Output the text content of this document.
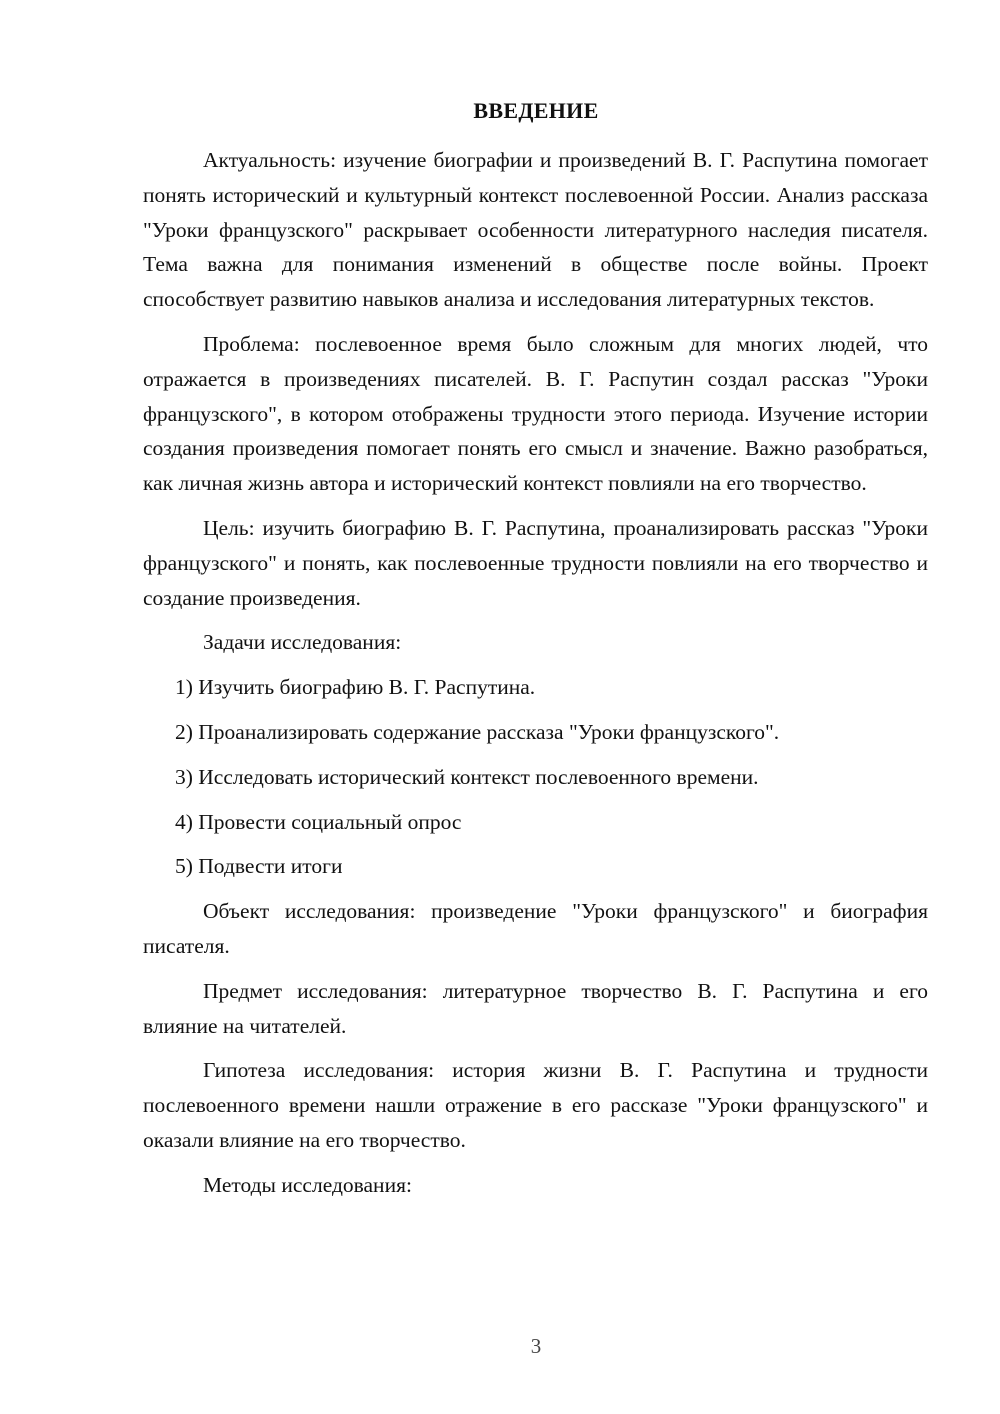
ВВЕДЕНИЕ

Актуальность: изучение биографии и произведений В. Г. Распутина помогает понять исторический и культурный контекст послевоенной России. Анализ рассказа "Уроки французского" раскрывает особенности литературного наследия писателя. Тема важна для понимания изменений в обществе после войны. Проект способствует развитию навыков анализа и исследования литературных текстов.

Проблема: послевоенное время было сложным для многих людей, что отражается в произведениях писателей. В. Г. Распутин создал рассказ "Уроки французского", в котором отображены трудности этого периода. Изучение истории создания произведения помогает понять его смысл и значение. Важно разобраться, как личная жизнь автора и исторический контекст повлияли на его творчество.

Цель: изучить биографию В. Г. Распутина, проанализировать рассказ "Уроки французского" и понять, как послевоенные трудности повлияли на его творчество и создание произведения.

Задачи исследования:

1) Изучить биографию В. Г. Распутина.

2) Проанализировать содержание рассказа "Уроки французского".

3) Исследовать исторический контекст послевоенного времени.

4) Провести социальный опрос

5) Подвести итоги

Объект исследования: произведение "Уроки французского" и биография писателя.

Предмет исследования: литературное творчество В. Г. Распутина и его влияние на читателей.

Гипотеза исследования: история жизни В. Г. Распутина и трудности послевоенного времени нашли отражение в его рассказе "Уроки французского" и оказали влияние на его творчество.

Методы исследования:

3
